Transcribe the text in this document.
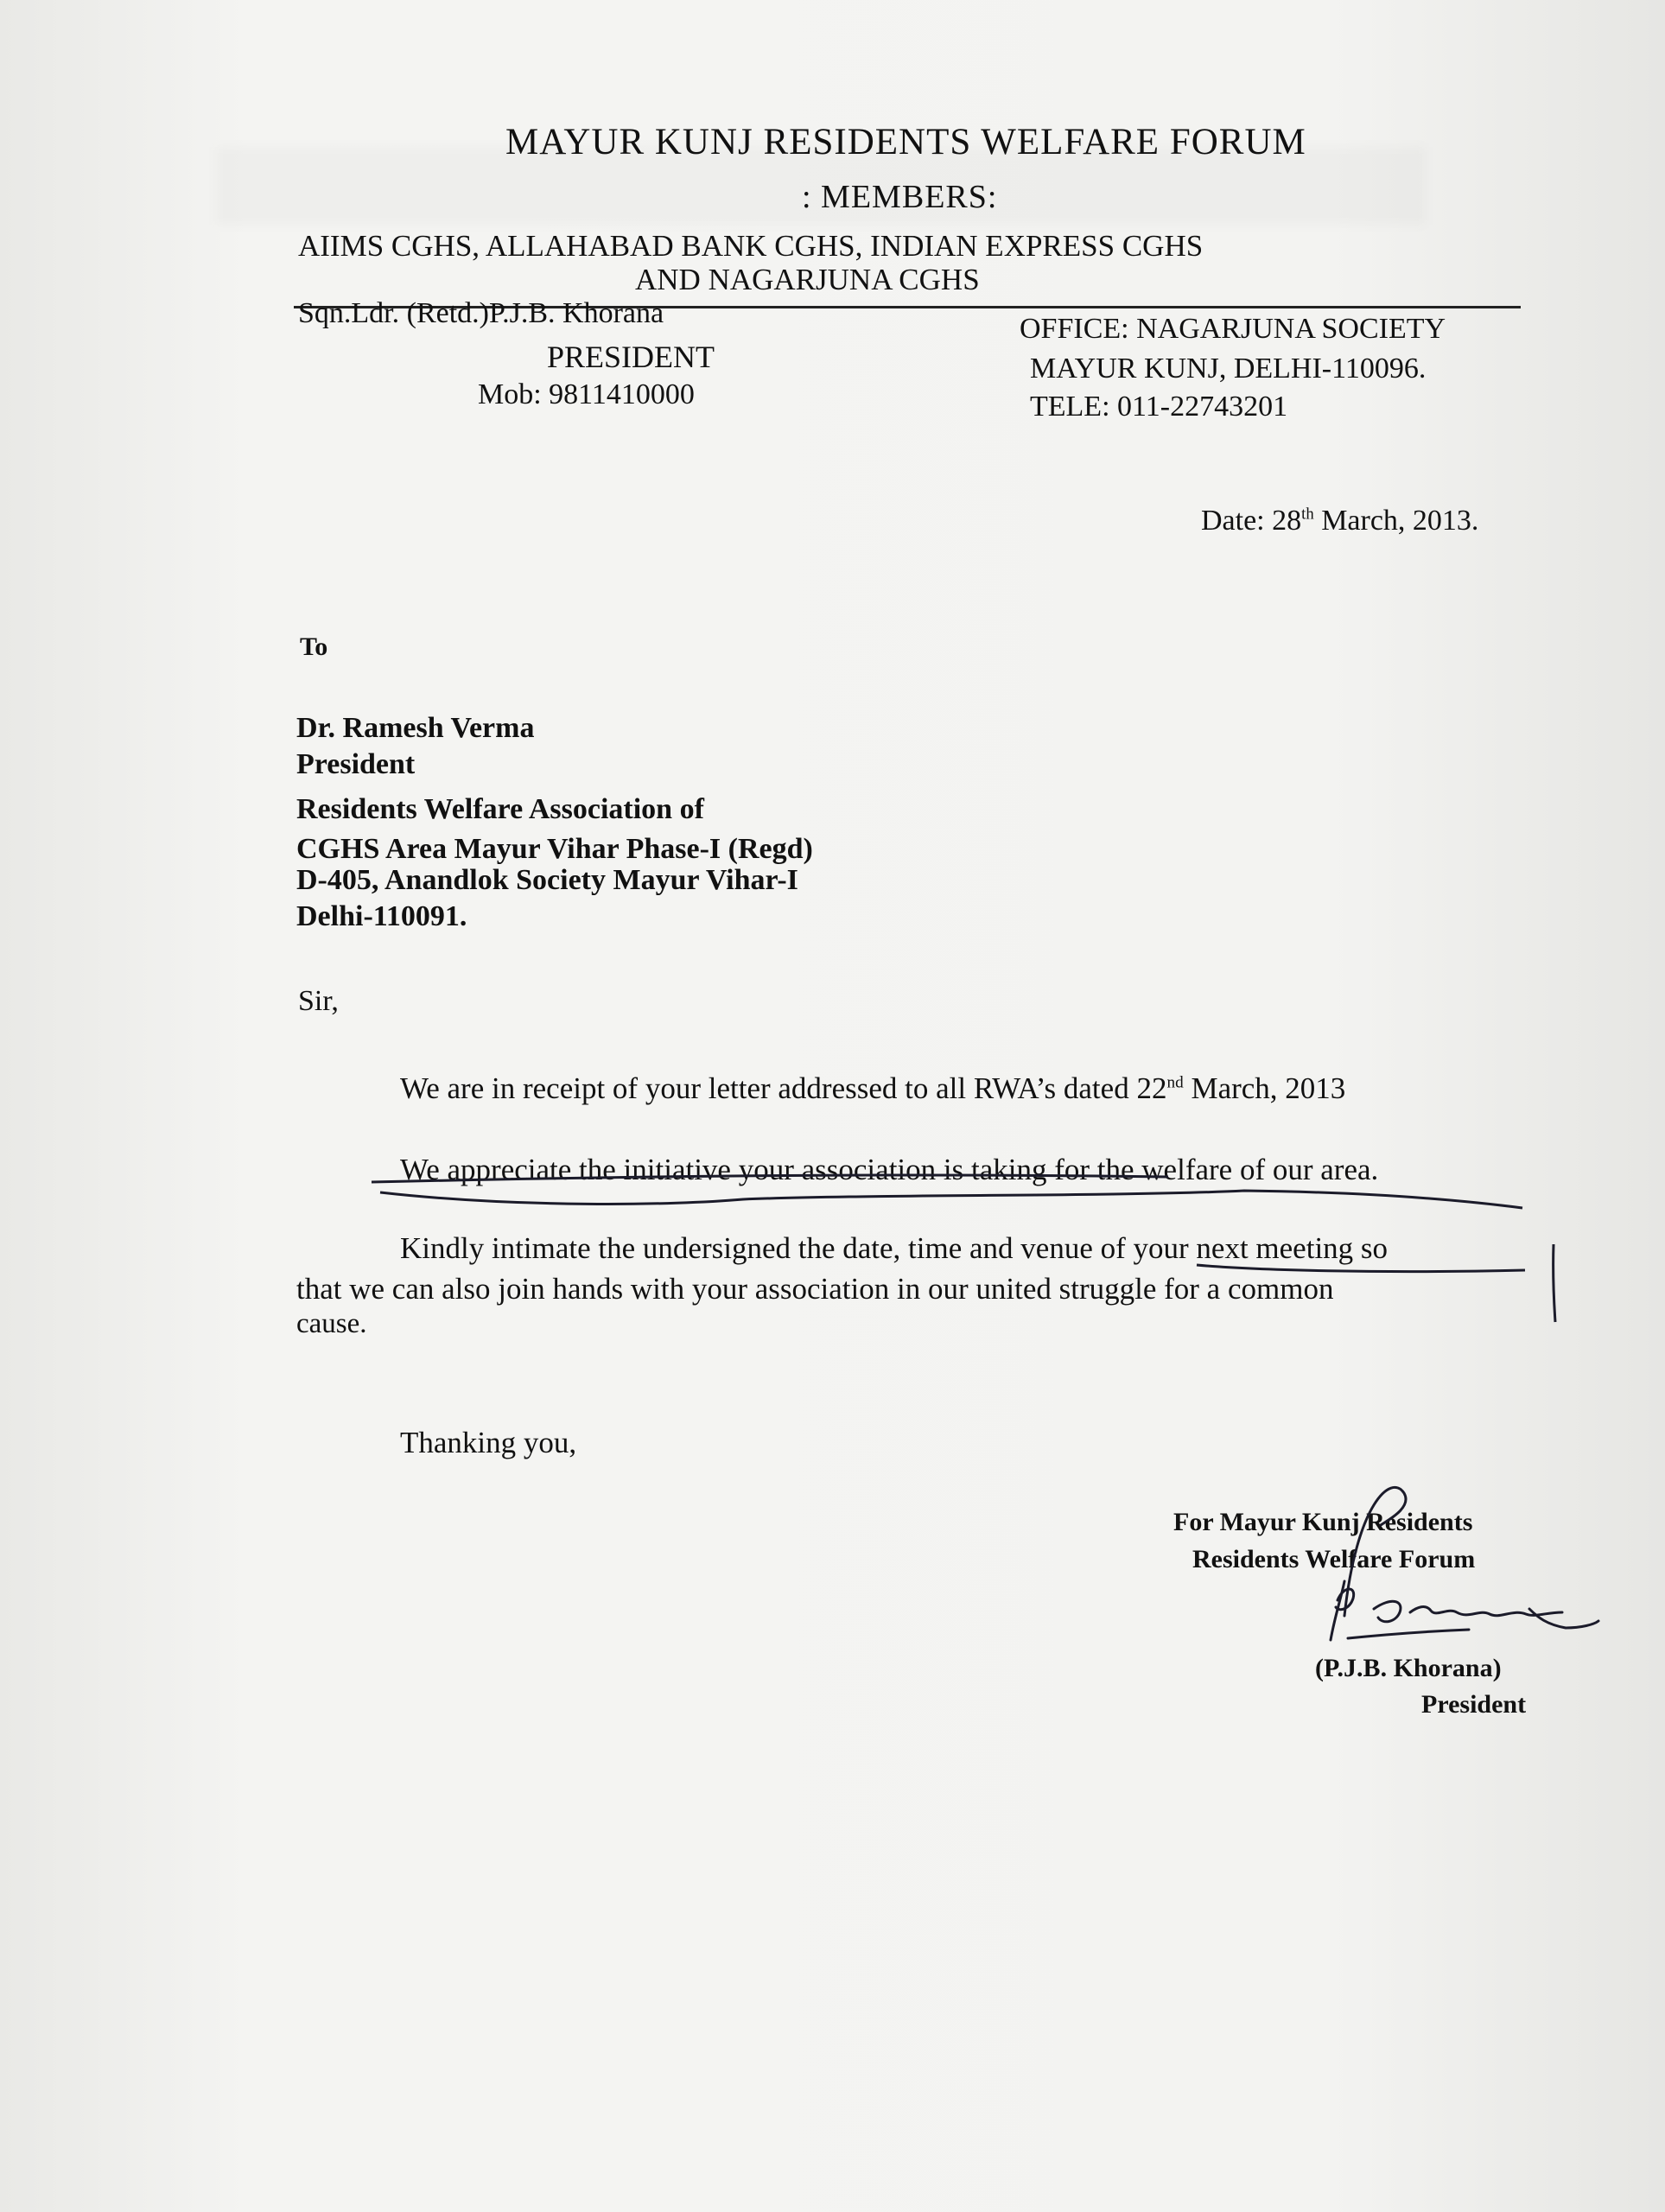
MAYUR KUNJ RESIDENTS WELFARE FORUM
: MEMBERS:
AIIMS CGHS, ALLAHABAD BANK CGHS, INDIAN EXPRESS CGHS
AND NAGARJUNA CGHS
Sqn.Ldr. (Retd.)P.J.B. Khorana
PRESIDENT
Mob: 9811410000
OFFICE: NAGARJUNA SOCIETY
MAYUR KUNJ, DELHI-110096.
TELE: 011-22743201
Date: 28th March, 2013.
To
Dr. Ramesh Verma
President
Residents Welfare Association of
CGHS Area Mayur Vihar Phase-I (Regd)
D-405, Anandlok Society Mayur Vihar-I
Delhi-110091.
Sir,
We are in receipt of your letter addressed to all RWA’s dated 22nd March, 2013
We appreciate the initiative your association is taking for the welfare of our area.
Kindly intimate the undersigned the date, time and venue of your next meeting so
that we can also join hands with your association in our united struggle for a common
cause.
Thanking you,
For Mayur Kunj Residents
Residents Welfare Forum
(P.J.B. Khorana)
President
